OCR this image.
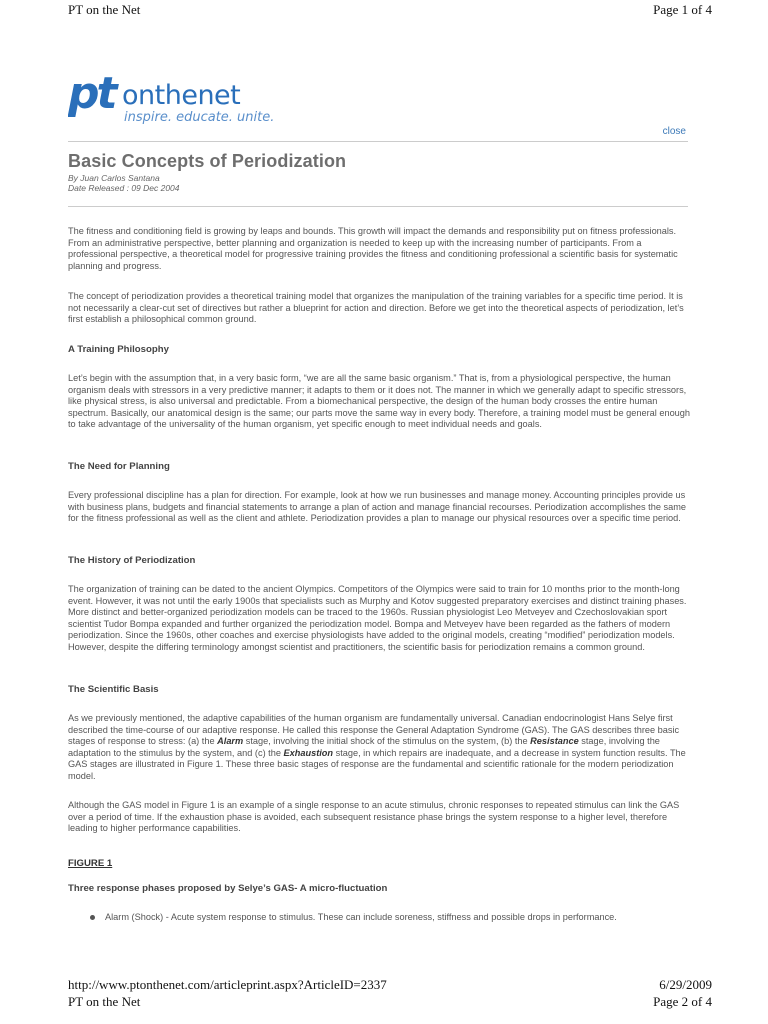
PT on the Net	Page 1 of 4
pt onthenet
inspire. educate. unite.
close
Basic Concepts of Periodization
By Juan Carlos Santana
Date Released : 09 Dec 2004

The fitness and conditioning field is growing by leaps and bounds. This growth will impact the demands and responsibility put on fitness professionals. From an administrative perspective, better planning and organization is needed to keep up with the increasing number of participants. From a professional perspective, a theoretical model for progressive training provides the fitness and conditioning professional a scientific basis for systematic planning and progress.

The concept of periodization provides a theoretical training model that organizes the manipulation of the training variables for a specific time period. It is not necessarily a clear-cut set of directives but rather a blueprint for action and direction. Before we get into the theoretical aspects of periodization, let’s first establish a philosophical common ground.

A Training Philosophy

Let’s begin with the assumption that, in a very basic form, “we are all the same basic organism.” That is, from a physiological perspective, the human organism deals with stressors in a very predictive manner; it adapts to them or it does not. The manner in which we generally adapt to specific stressors, like physical stress, is also universal and predictable. From a biomechanical perspective, the design of the human body crosses the entire human spectrum. Basically, our anatomical design is the same; our parts move the same way in every body. Therefore, a training model must be general enough to take advantage of the universality of the human organism, yet specific enough to meet individual needs and goals.

The Need for Planning

Every professional discipline has a plan for direction. For example, look at how we run businesses and manage money. Accounting principles provide us with business plans, budgets and financial statements to arrange a plan of action and manage financial recourses. Periodization accomplishes the same for the fitness professional as well as the client and athlete. Periodization provides a plan to manage our physical resources over a specific time period.

The History of Periodization

The organization of training can be dated to the ancient Olympics. Competitors of the Olympics were said to train for 10 months prior to the month-long event. However, it was not until the early 1900s that specialists such as Murphy and Kotov suggested preparatory exercises and distinct training phases. More distinct and better-organized periodization models can be traced to the 1960s. Russian physiologist Leo Metveyev and Czechoslovakian sport scientist Tudor Bompa expanded and further organized the periodization model. Bompa and Metveyev have been regarded as the fathers of modern periodization. Since the 1960s, other coaches and exercise physiologists have added to the original models, creating “modified” periodization models. However, despite the differing terminology amongst scientist and practitioners, the scientific basis for periodization remains a common ground.

The Scientific Basis

As we previously mentioned, the adaptive capabilities of the human organism are fundamentally universal. Canadian endocrinologist Hans Selye first described the time-course of our adaptive response. He called this response the General Adaptation Syndrome (GAS). The GAS describes three basic stages of response to stress: (a) the Alarm stage, involving the initial shock of the stimulus on the system, (b) the Resistance stage, involving the adaptation to the stimulus by the system, and (c) the Exhaustion stage, in which repairs are inadequate, and a decrease in system function results. The GAS stages are illustrated in Figure 1. These three basic stages of response are the fundamental and scientific rationale for the modern periodization model.

Although the GAS model in Figure 1 is an example of a single response to an acute stimulus, chronic responses to repeated stimulus can link the GAS over a period of time. If the exhaustion phase is avoided, each subsequent resistance phase brings the system response to a higher level, therefore leading to higher performance capabilities.

FIGURE 1

Three response phases proposed by Selye’s GAS- A micro-fluctuation

Alarm (Shock) - Acute system response to stimulus. These can include soreness, stiffness and possible drops in performance.
http://www.ptonthenet.com/articleprint.aspx?ArticleID=2337	6/29/2009
PT on the Net	Page 2 of 4
